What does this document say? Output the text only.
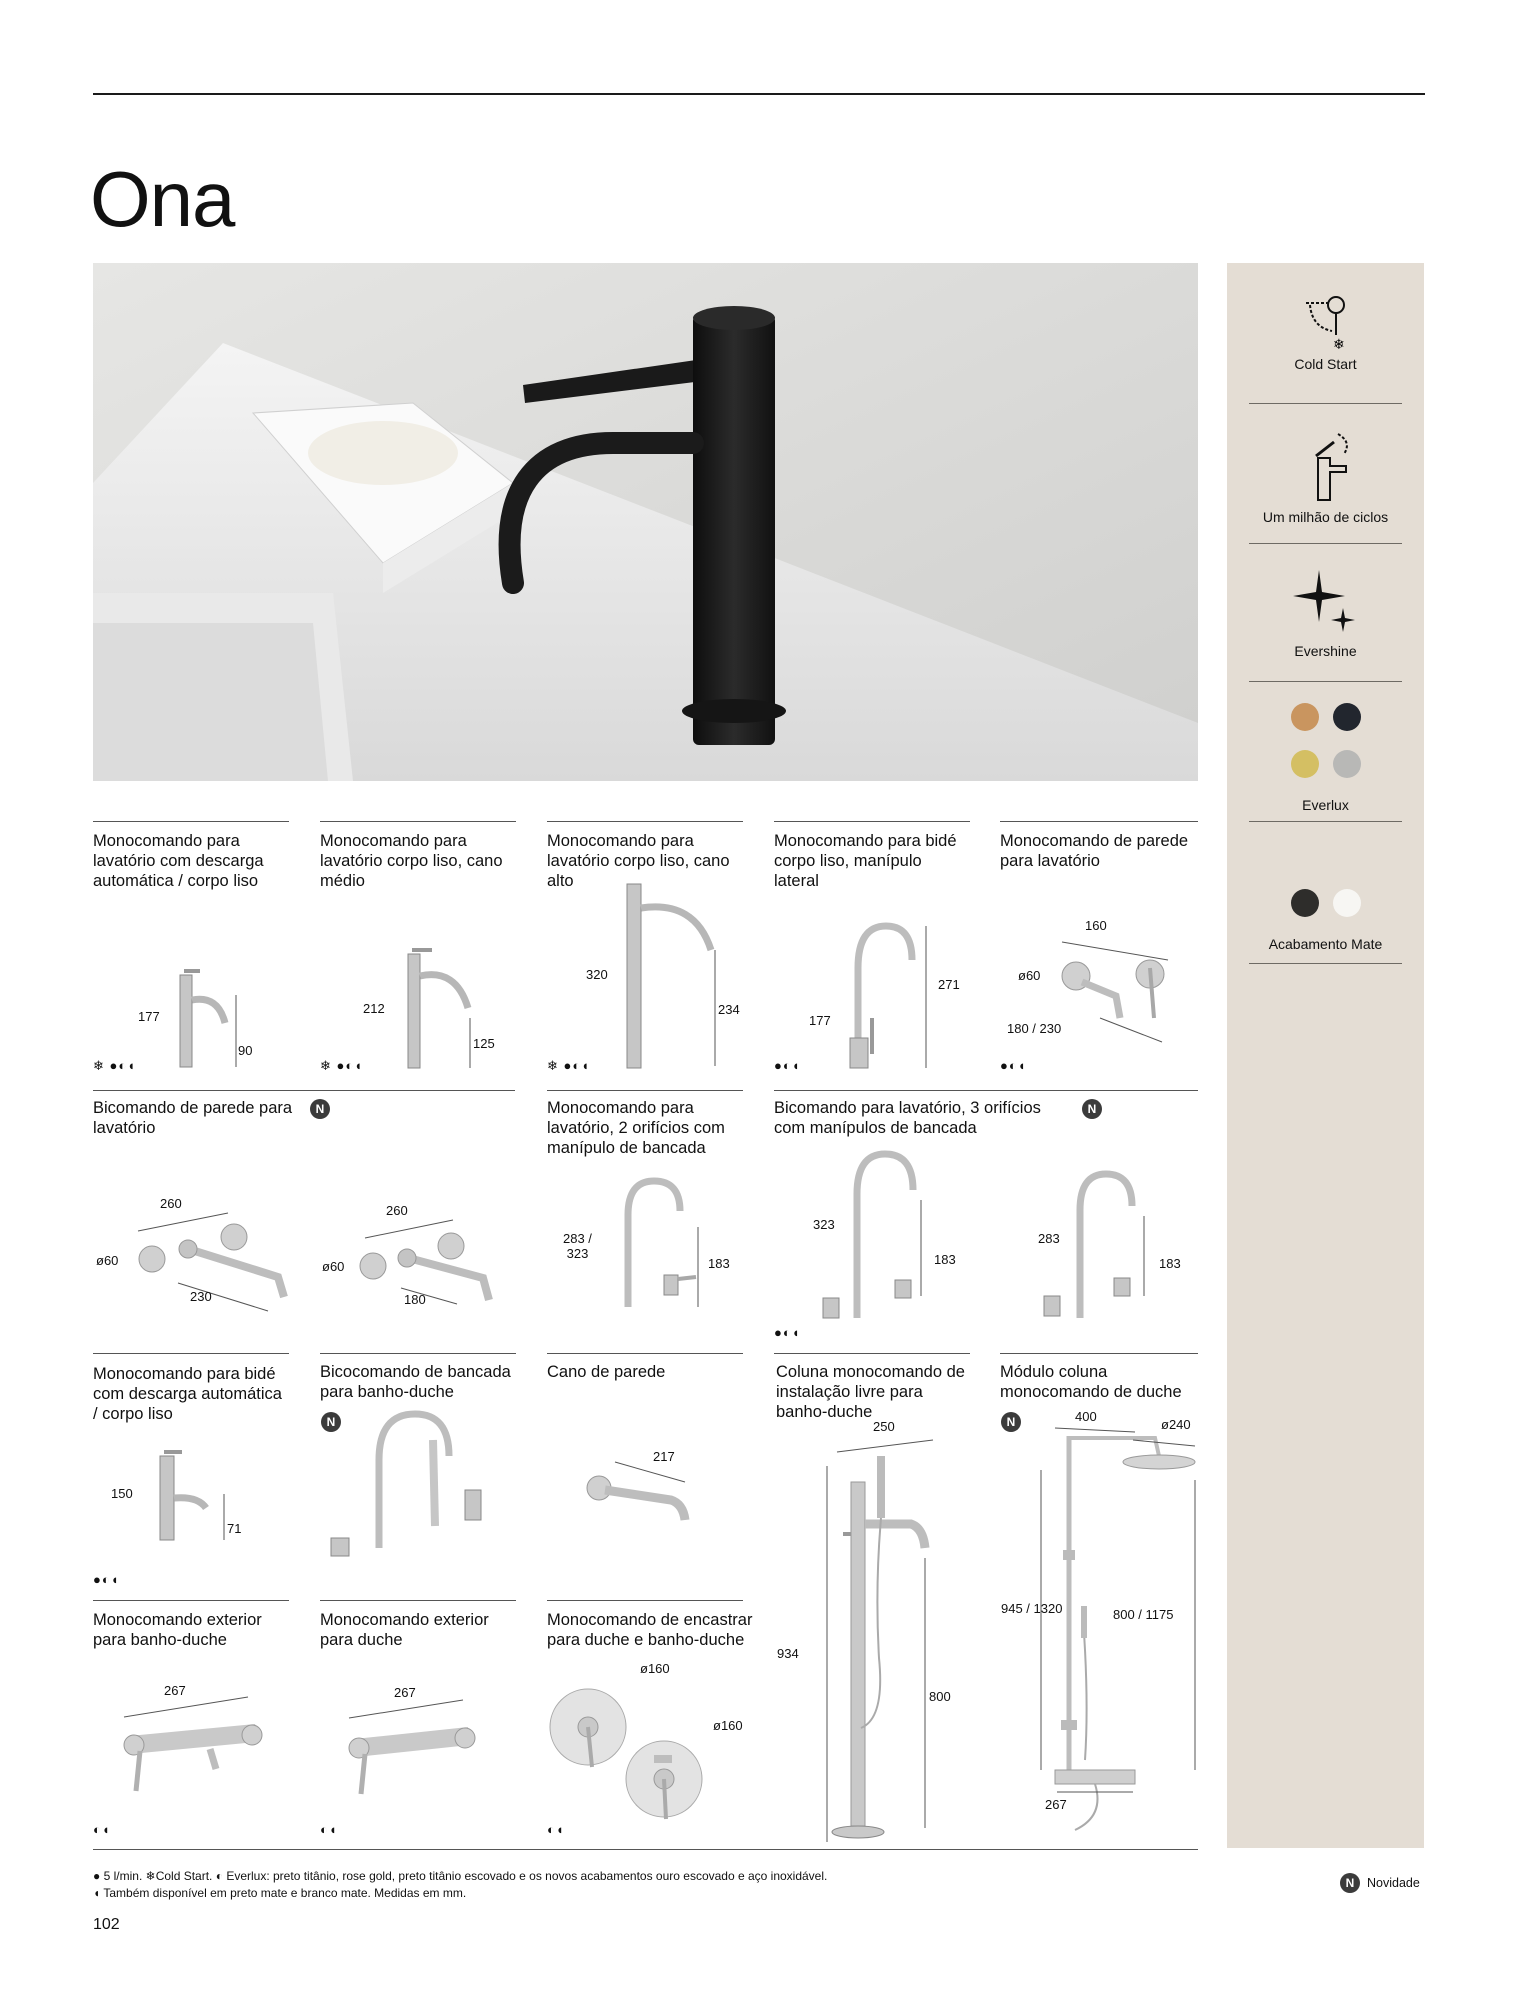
Ona
❄
Cold Start
Um milhão de ciclos
Evershine
Everlux
Acabamento Mate
Monocomando para lavatório com descarga automática / corpo liso
Monocomando para lavatório corpo liso, cano médio
Monocomando para lavatório corpo liso, cano alto
Monocomando para bidé corpo liso, manípulo lateral
Monocomando de parede para lavatório
177
90
❄ ●◐◖
212
125
❄ ●◐◖
320
234
❄ ●◐◖
271
177
●◐◖
160
ø60
180 / 230
●◐◖
Bicomando de parede para lavatório
N	Monocomando para lavatório, 2 orifícios com manípulo de bancada
Bicomando para lavatório, 3 orifícios com manípulos de bancada
N
260
ø60
230
260
ø60
180
283 /
323
183
323
183
283
183
●◐◖
Monocomando para bidé com descarga automática / corpo liso
Bicocomando de bancada para banho-duche
N
Cano de parede	Coluna monocomando de instalação livre para banho-duche
Módulo coluna monocomando de duche
N
150
71
●◐◖
217
250
934
800
400
ø240
945 / 1320	800 / 1175
267
Monocomando exterior para banho-duche
Monocomando exterior para duche
Monocomando de encastrar para duche e banho-duche
267
◐◖
267
◐◖
ø160
ø160
◐◖
● 5 l/min. ❄Cold Start. ◐ Everlux: preto titânio, rose gold, preto titânio escovado e os novos acabamentos ouro escovado e aço inoxidável.
◖ Também disponível em preto mate e branco mate. Medidas em mm.
N	Novidade
102
